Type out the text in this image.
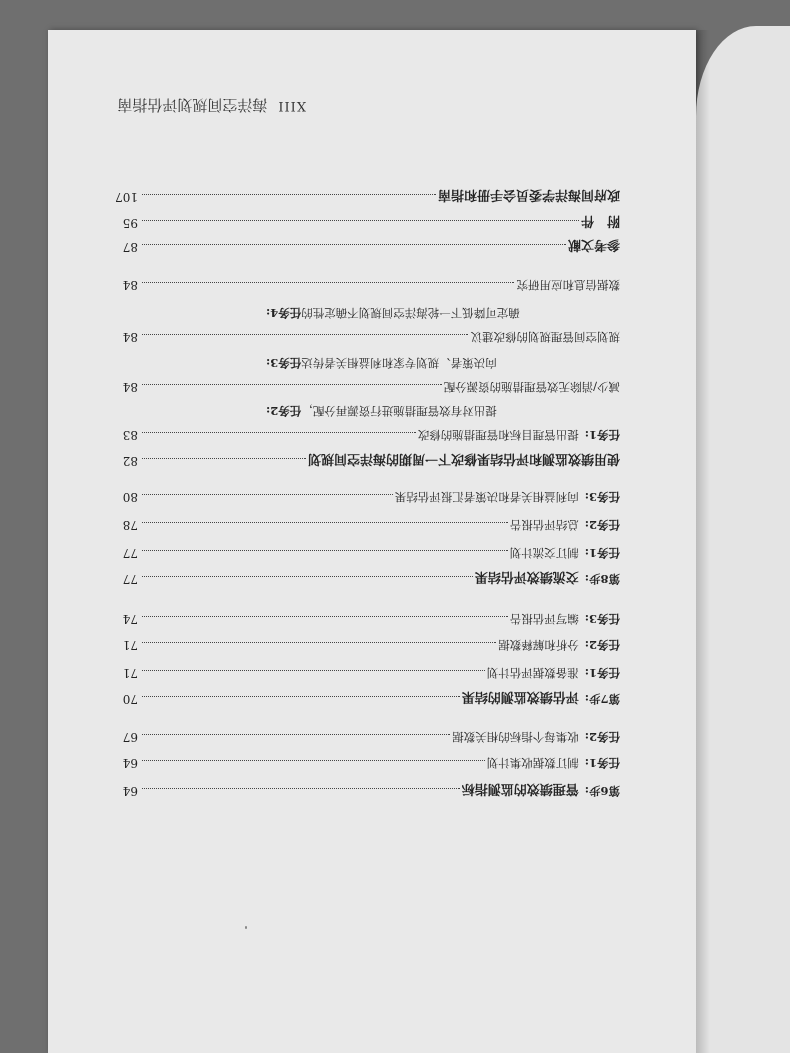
XIII
海洋空间规划评估指南
政府间海洋学委员会手册和指南
107
附　件
95
参考文献
87
数据信息和应用研究
84
任务4: 确定可降低下一轮海洋空间规划不确定性的
规划空间管理规划的修改建议
84
任务3: 向决策者、规划专家和利益相关者传达
减少/消除无效管理措施的资源分配
84
任务2: 提出对有效管理措施进行资源再分配，
任务1:
提出管理目标和管理措施的修改
83
使用绩效监测和评估结果修改下一周期的海洋空间规划
82
任务3:
向利益相关者和决策者汇报评估结果
80
任务2:
总结评估报告
78
任务1:
制订交流计划
77
第8步:
交流绩效评估结果
77
任务3:
编写评估报告
74
任务2:
分析和解释数据
71
任务1:
准备数据评估计划
71
第7步:
评估绩效监测的结果
70
任务2:
收集每个指标的相关数据
67
任务1:
制订数据收集计划
64
第6步:
管理绩效的监测指标
64
